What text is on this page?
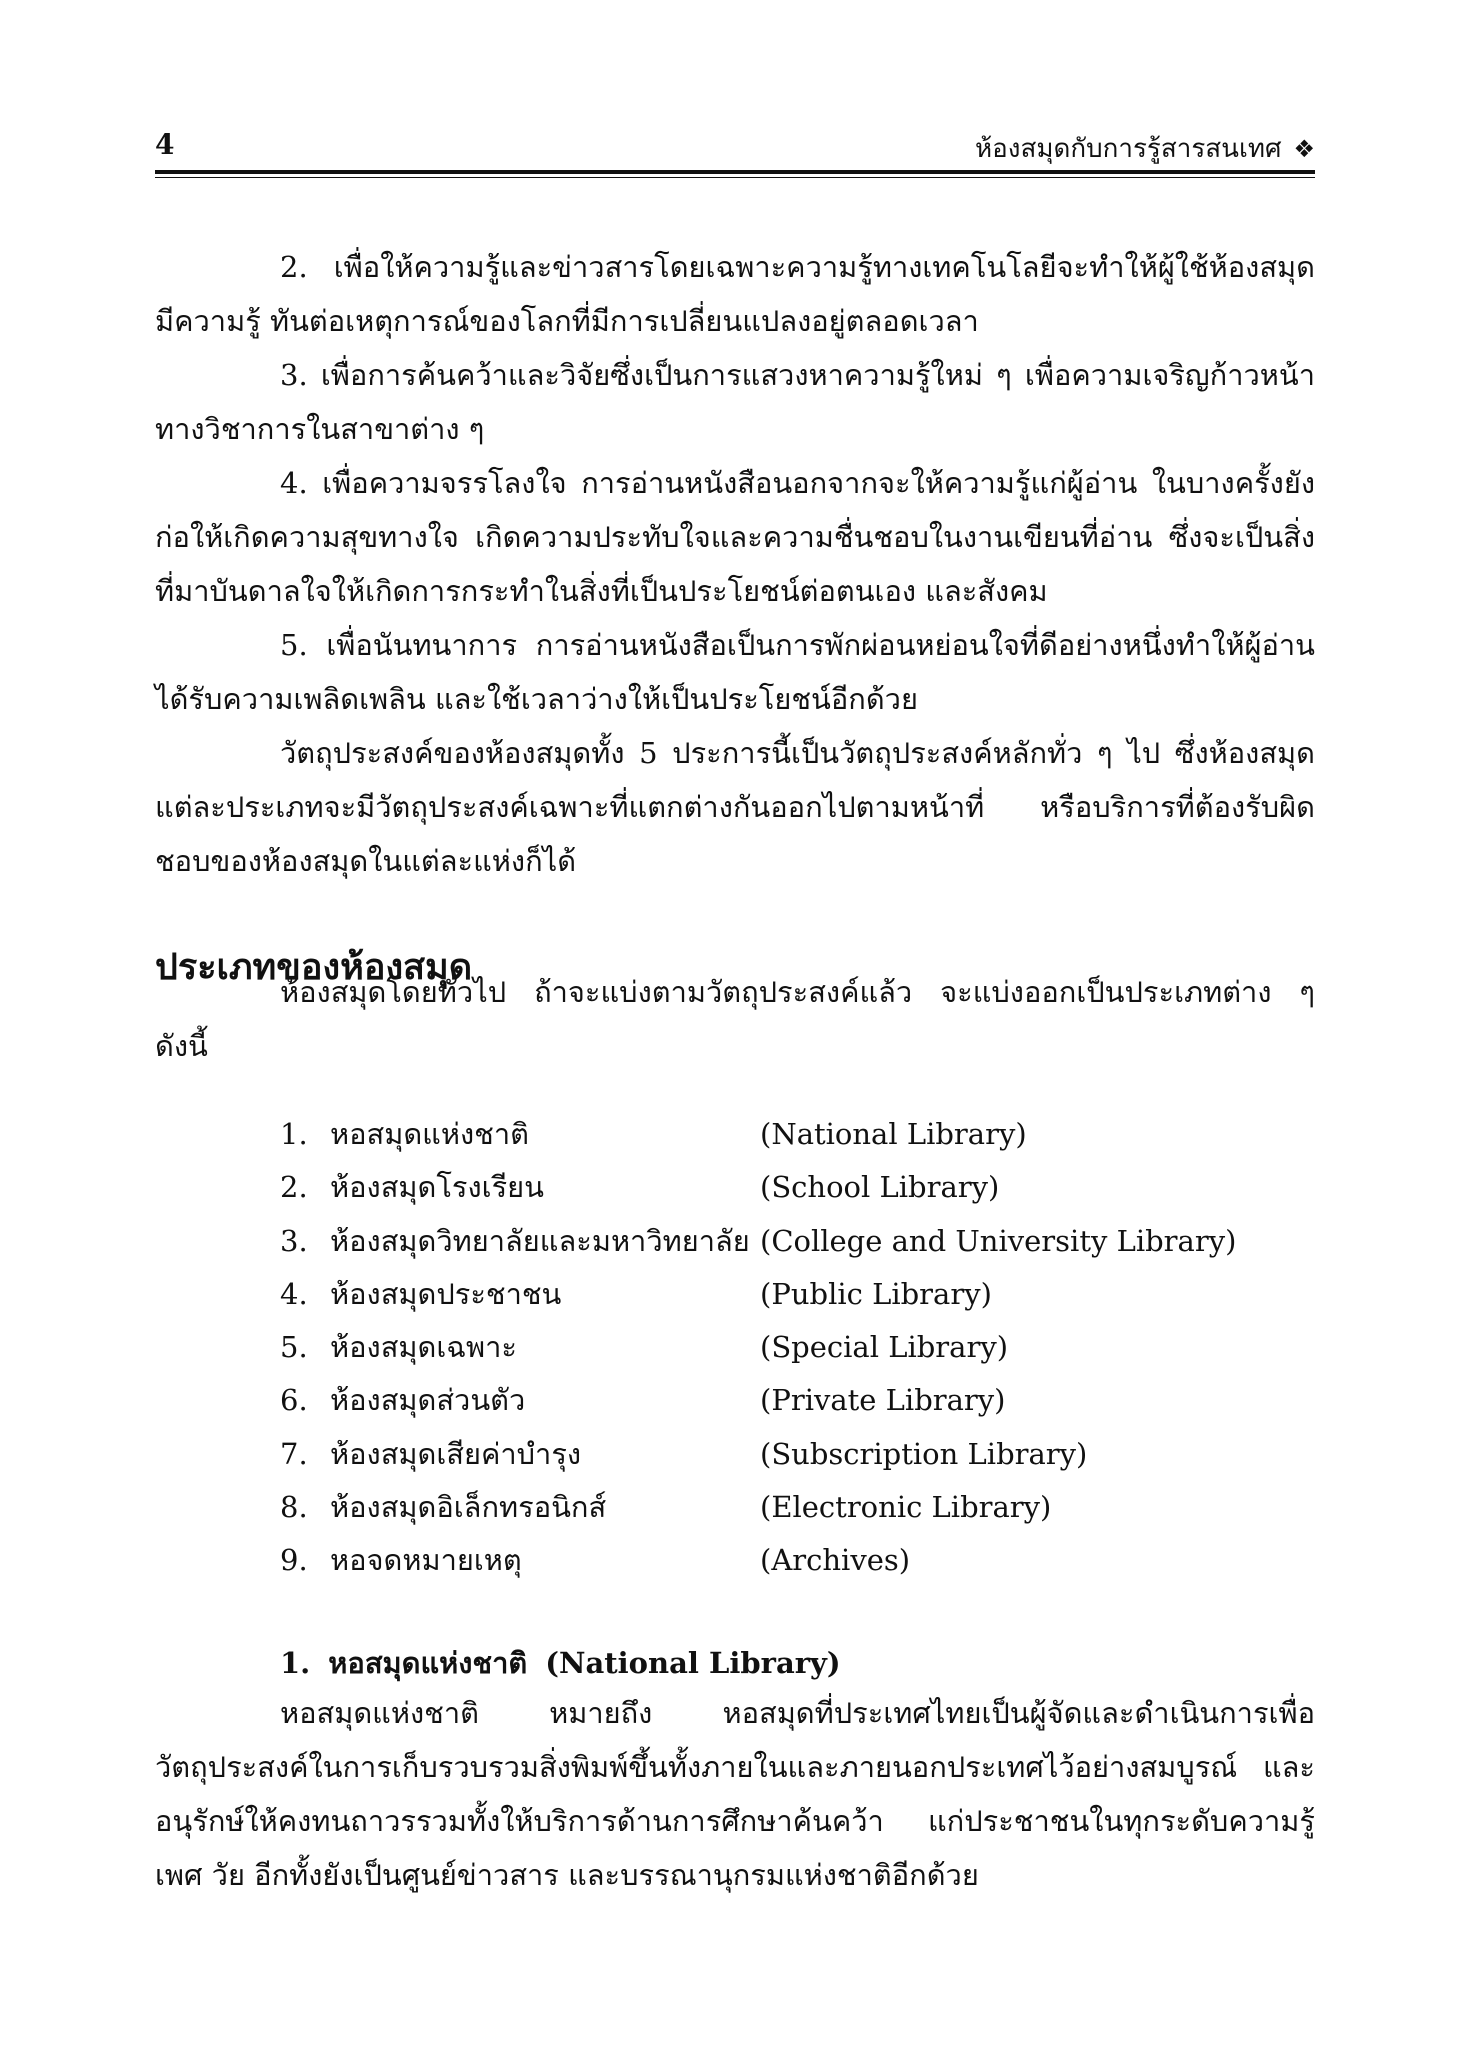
4	ห้องสมุดกับการรู้สารสนเทศ ❖

2. เพื่อให้ความรู้และข่าวสารโดยเฉพาะความรู้ทางเทคโนโลยีจะทำให้ผู้ใช้ห้องสมุดมีความรู้ ทันต่อเหตุการณ์ของโลกที่มีการเปลี่ยนแปลงอยู่ตลอดเวลา

3. เพื่อการค้นคว้าและวิจัยซึ่งเป็นการแสวงหาความรู้ใหม่ ๆ เพื่อความเจริญก้าวหน้าทางวิชาการในสาขาต่าง ๆ

4. เพื่อความจรรโลงใจ การอ่านหนังสือนอกจากจะให้ความรู้แก่ผู้อ่าน ในบางครั้งยังก่อให้เกิดความสุขทางใจ เกิดความประทับใจและความชื่นชอบในงานเขียนที่อ่าน ซึ่งจะเป็นสิ่งที่มาบันดาลใจให้เกิดการกระทำในสิ่งที่เป็นประโยชน์ต่อตนเอง และสังคม

5. เพื่อนันทนาการ การอ่านหนังสือเป็นการพักผ่อนหย่อนใจที่ดีอย่างหนึ่งทำให้ผู้อ่านได้รับความเพลิดเพลิน และใช้เวลาว่างให้เป็นประโยชน์อีกด้วย

วัตถุประสงค์ของห้องสมุดทั้ง 5 ประการนี้เป็นวัตถุประสงค์หลักทั่ว ๆ ไป ซึ่งห้องสมุดแต่ละประเภทจะมีวัตถุประสงค์เฉพาะที่แตกต่างกันออกไปตามหน้าที่ หรือบริการที่ต้องรับผิดชอบของห้องสมุดในแต่ละแห่งก็ได้

ประเภทของห้องสมุด

ห้องสมุดโดยทั่วไป ถ้าจะแบ่งตามวัตถุประสงค์แล้ว จะแบ่งออกเป็นประเภทต่าง ๆ ดังนี้

1. หอสมุดแห่งชาติ	(National Library)
2. ห้องสมุดโรงเรียน	(School Library)
3. ห้องสมุดวิทยาลัยและมหาวิทยาลัย (College and University Library)
4. ห้องสมุดประชาชน	(Public Library)
5. ห้องสมุดเฉพาะ	(Special Library)
6. ห้องสมุดส่วนตัว	(Private Library)
7. ห้องสมุดเสียค่าบำรุง	(Subscription Library)
8. ห้องสมุดอิเล็กทรอนิกส์	(Electronic Library)
9. หอจดหมายเหตุ	(Archives)
1. หอสมุดแห่งชาติ (National Library)

หอสมุดแห่งชาติ หมายถึง หอสมุดที่ประเทศไทยเป็นผู้จัดและดำเนินการเพื่อวัตถุประสงค์ในการเก็บรวบรวมสิ่งพิมพ์ขึ้นทั้งภายในและภายนอกประเทศไว้อย่างสมบูรณ์ และอนุรักษ์ให้คงทนถาวรรวมทั้งให้บริการด้านการศึกษาค้นคว้า แก่ประชาชนในทุกระดับความรู้ เพศ วัย อีกทั้งยังเป็นศูนย์ข่าวสาร และบรรณานุกรมแห่งชาติอีกด้วย
